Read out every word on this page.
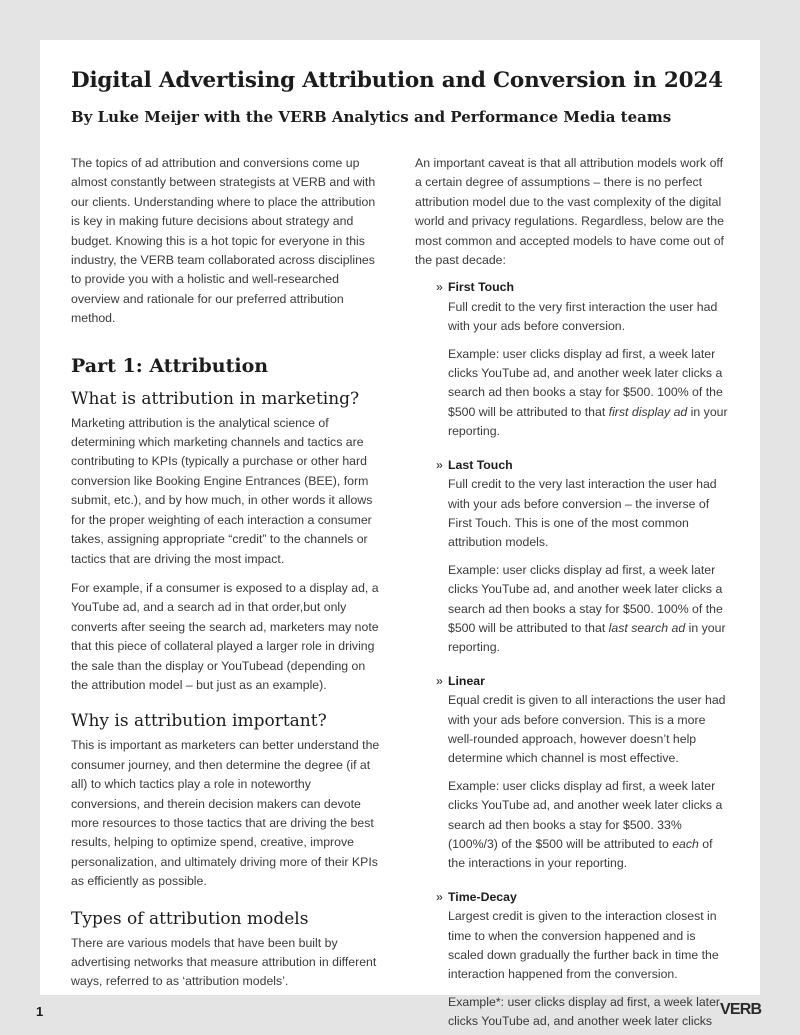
Digital Advertising Attribution and Conversion in 2024
By Luke Meijer with the VERB Analytics and Performance Media teams

The topics of ad attribution and conversions come up almost constantly between strategists at VERB and with our clients. Understanding where to place the attribution is key in making future decisions about strategy and budget. Knowing this is a hot topic for everyone in this industry, the VERB team collaborated across disciplines to provide you with a holistic and well-researched overview and rationale for our preferred attribution method.

Part 1: Attribution
What is attribution in marketing?

Marketing attribution is the analytical science of determining which marketing channels and tactics are contributing to KPIs (typically a purchase or other hard conversion like Booking Engine Entrances (BEE), form submit, etc.), and by how much, in other words it allows for the proper weighting of each interaction a consumer takes, assigning appropriate “credit” to the channels or tactics that are driving the most impact.

For example, if a consumer is exposed to a display ad, a YouTube ad, and a search ad in that order,but only converts after seeing the search ad, marketers may note that this piece of collateral played a larger role in driving the sale than the display or YouTubead (depending on the attribution model – but just as an example).

Why is attribution important?

This is important as marketers can better understand the consumer journey, and then determine the degree (if at all) to which tactics play a role in noteworthy conversions, and therein decision makers can devote more resources to those tactics that are driving the best results, helping to optimize spend, creative, improve personalization, and ultimately driving more of their KPIs as efficiently as possible.

Types of attribution models

There are various models that have been built by advertising networks that measure attribution in different ways, referred to as ‘attribution models’.

An important caveat is that all attribution models work off a certain degree of assumptions – there is no perfect attribution model due to the vast complexity of the digital world and privacy regulations. Regardless, below are the most common and accepted models to have come out of the past decade:

» First Touch

Full credit to the very first interaction the user had with your ads before conversion.

Example: user clicks display ad first, a week later clicks YouTube ad, and another week later clicks a search ad then books a stay for $500. 100% of the $500 will be attributed to that first display ad in your reporting.

» Last Touch

Full credit to the very last interaction the user had with your ads before conversion – the inverse of First Touch. This is one of the most common attribution models.

Example: user clicks display ad first, a week later clicks YouTube ad, and another week later clicks a search ad then books a stay for $500. 100% of the $500 will be attributed to that last search ad in your reporting.

» Linear

Equal credit is given to all interactions the user had with your ads before conversion. This is a more well-rounded approach, however doesn’t help determine which channel is most effective.

Example: user clicks display ad first, a week later clicks YouTube ad, and another week later clicks a search ad then books a stay for $500. 33% (100%/3) of the $500 will be attributed to each of the interactions in your reporting.

» Time-Decay

Largest credit is given to the interaction closest in time to when the conversion happened and is scaled down gradually the further back in time the interaction happened from the conversion.

Example*: user clicks display ad first, a week later clicks YouTube ad, and another week later clicks

1	VERB
